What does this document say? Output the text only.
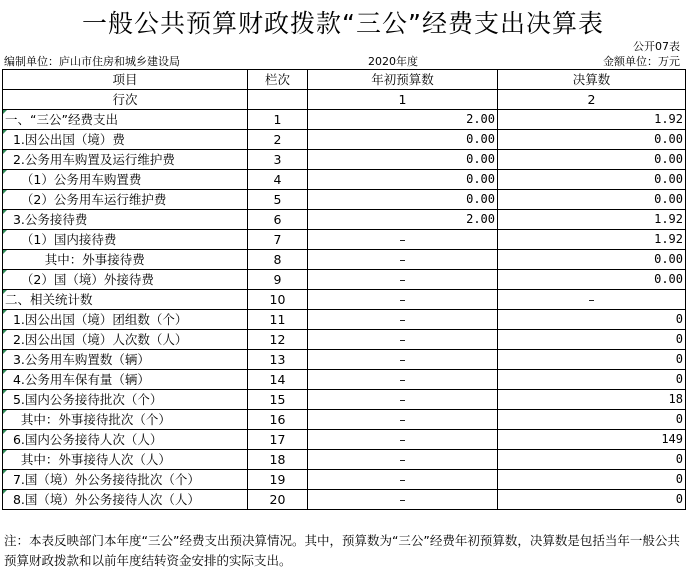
一般公共预算财政拨款“三公”经费支出决算表
公开07表
编制单位：庐山市住房和城乡建设局	2020年度	金额单位：万元
项目	栏次	年初预算数	决算数
行次		1	2
一、“三公”经费支出	1	2.00	1.92
1.因公出国（境）费	2	0.00	0.00
2.公务用车购置及运行维护费	3	0.00	0.00
（1）公务用车购置费	4	0.00	0.00
（2）公务用车运行维护费	5	0.00	0.00
3.公务接待费	6	2.00	1.92
（1）国内接待费	7	–	1.92
其中：外事接待费	8	–	0.00
（2）国（境）外接待费	9	–	0.00
二、相关统计数	10	–	–
1.因公出国（境）团组数（个）	11	–	0
2.因公出国（境）人次数（人）	12	–	0
3.公务用车购置数（辆）	13	–	0
4.公务用车保有量（辆）	14	–	0
5.国内公务接待批次（个）	15	–	18
其中：外事接待批次（个）	16	–	0
6.国内公务接待人次（人）	17	–	149
其中：外事接待人次（人）	18	–	0
7.国（境）外公务接待批次（个）	19	–	0
8.国（境）外公务接待人次（人）	20	–	0
注：本表反映部门本年度“三公”经费支出预决算情况。其中，预算数为“三公”经费年初预算数，决算数是包括当年一般公共预算财政拨款和以前年度结转资金安排的实际支出。
